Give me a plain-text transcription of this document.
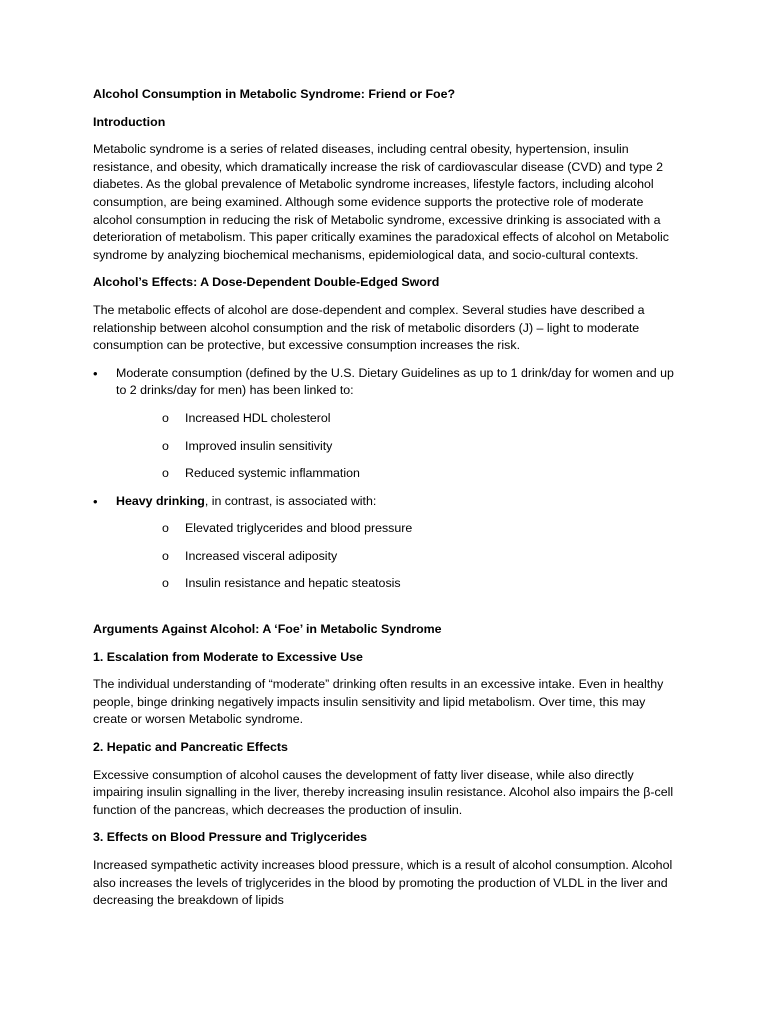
Alcohol Consumption in Metabolic Syndrome: Friend or Foe?

Introduction

Metabolic syndrome is a series of related diseases, including central obesity, hypertension, insulin resistance, and obesity, which dramatically increase the risk of cardiovascular disease (CVD) and type 2 diabetes. As the global prevalence of Metabolic syndrome increases, lifestyle factors, including alcohol consumption, are being examined. Although some evidence supports the protective role of moderate alcohol consumption in reducing the risk of Metabolic syndrome, excessive drinking is associated with a deterioration of metabolism. This paper critically examines the paradoxical effects of alcohol on Metabolic syndrome by analyzing biochemical mechanisms, epidemiological data, and socio-cultural contexts.

Alcohol’s Effects: A Dose-Dependent Double-Edged Sword

The metabolic effects of alcohol are dose-dependent and complex. Several studies have described a relationship between alcohol consumption and the risk of metabolic disorders (J) – light to moderate consumption can be protective, but excessive consumption increases the risk.

• Moderate consumption (defined by the U.S. Dietary Guidelines as up to 1 drink/day for women and up to 2 drinks/day for men) has been linked to:
o Increased HDL cholesterol
o Improved insulin sensitivity
o Reduced systemic inflammation
• Heavy drinking, in contrast, is associated with:
o Elevated triglycerides and blood pressure
o Increased visceral adiposity
o Insulin resistance and hepatic steatosis

Arguments Against Alcohol: A ‘Foe’ in Metabolic Syndrome

1. Escalation from Moderate to Excessive Use

The individual understanding of “moderate” drinking often results in an excessive intake. Even in healthy people, binge drinking negatively impacts insulin sensitivity and lipid metabolism. Over time, this may create or worsen Metabolic syndrome.

2. Hepatic and Pancreatic Effects

Excessive consumption of alcohol causes the development of fatty liver disease, while also directly impairing insulin signalling in the liver, thereby increasing insulin resistance. Alcohol also impairs the β-cell function of the pancreas, which decreases the production of insulin.

3. Effects on Blood Pressure and Triglycerides

Increased sympathetic activity increases blood pressure, which is a result of alcohol consumption. Alcohol also increases the levels of triglycerides in the blood by promoting the production of VLDL in the liver and decreasing the breakdown of lipids
